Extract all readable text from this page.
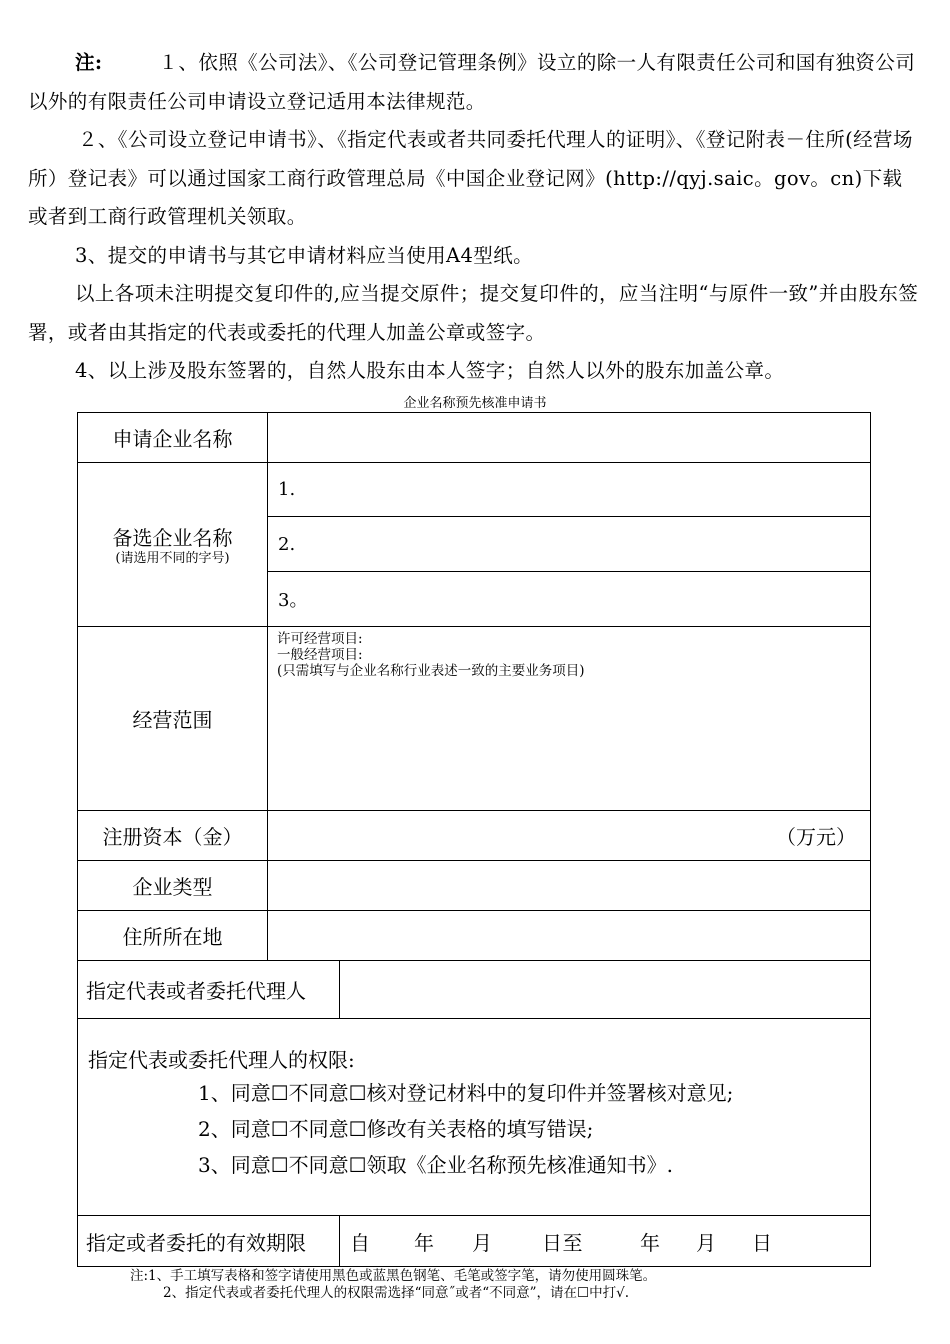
注:	１、依照《公司法》、《公司登记管理条例》设立的除一人有限责任公司和国有独资公司以外的有限责任公司申请设立登记适用本法律规范。

２、《公司设立登记申请书》、《指定代表或者共同委托代理人的证明》、《登记附表－住所(经营场所）登记表》可以通过国家工商行政管理总局《中国企业登记网》(http://qyj.saic。gov。cn)下载或者到工商行政管理机关领取。

3、提交的申请书与其它申请材料应当使用A4型纸。

以上各项未注明提交复印件的,应当提交原件；提交复印件的，应当注明“与原件一致”并由股东签署，或者由其指定的代表或委托的代理人加盖公章或签字。

4、以上涉及股东签署的，自然人股东由本人签字；自然人以外的股东加盖公章。

企业名称预先核准申请书
申请企业名称		
备选企业名称
(请选用不同的字号)	1.	
	2.	
	3。	
经营范围	许可经营项目:
一般经营项目:
(只需填写与企业名称行业表述一致的主要业务项目)	

注册资本（金）	（万元）	
企业类型		
住所所在地		
指定代表或者委托代理人		

指定代表或委托代理人的权限:
1、同意☐不同意☐核对登记材料中的复印件并签署核对意见;
2、同意☐不同意☐修改有关表格的填写错误;
3、同意☐不同意☐领取《企业名称预先核准通知书》.		

指定或者委托的有效期限		自 年 月 日至 年 月 日

注:1、手工填写表格和签字请使用黑色或蓝黑色钢笔、毛笔或签字笔，请勿使用圆珠笔。

2、指定代表或者委托代理人的权限需选择“同意˝或者“不同意”，请在☐中打√.
